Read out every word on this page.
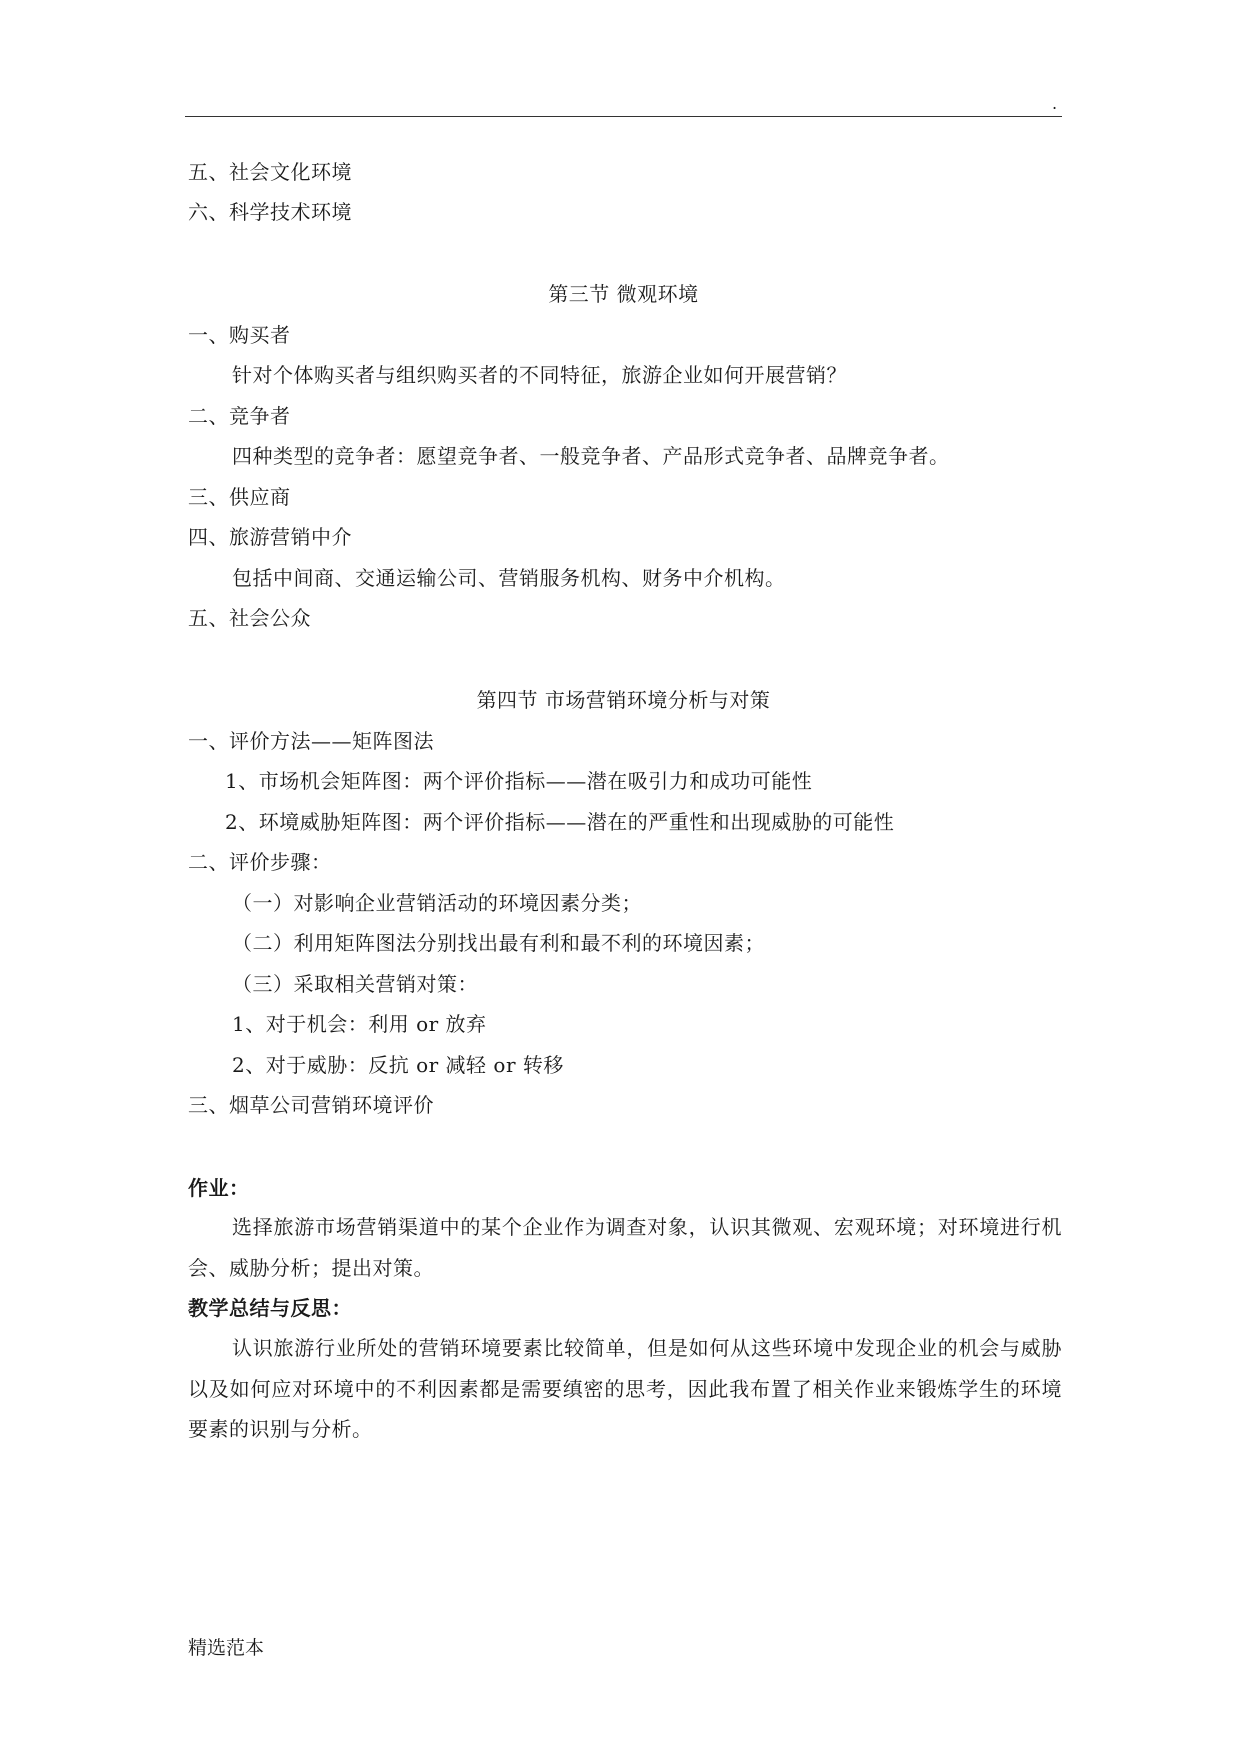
.
五、社会文化环境
六、科学技术环境
第三节 微观环境
一、购买者
针对个体购买者与组织购买者的不同特征，旅游企业如何开展营销？
二、竞争者
四种类型的竞争者：愿望竞争者、一般竞争者、产品形式竞争者、品牌竞争者。
三、供应商
四、旅游营销中介
包括中间商、交通运输公司、营销服务机构、财务中介机构。
五、社会公众
第四节 市场营销环境分析与对策
一、评价方法——矩阵图法
1、市场机会矩阵图：两个评价指标——潜在吸引力和成功可能性
2、环境威胁矩阵图：两个评价指标——潜在的严重性和出现威胁的可能性
二、评价步骤：
（一）对影响企业营销活动的环境因素分类；
（二）利用矩阵图法分别找出最有利和最不利的环境因素；
（三）采取相关营销对策：
1、对于机会：利用 or 放弃
2、对于威胁：反抗 or 减轻 or 转移
三、烟草公司营销环境评价
作业：
选择旅游市场营销渠道中的某个企业作为调查对象，认识其微观、宏观环境；对环境进行机会、威胁分析；提出对策。
教学总结与反思：
认识旅游行业所处的营销环境要素比较简单，但是如何从这些环境中发现企业的机会与威胁以及如何应对环境中的不利因素都是需要缜密的思考，因此我布置了相关作业来锻炼学生的环境要素的识别与分析。
精选范本
